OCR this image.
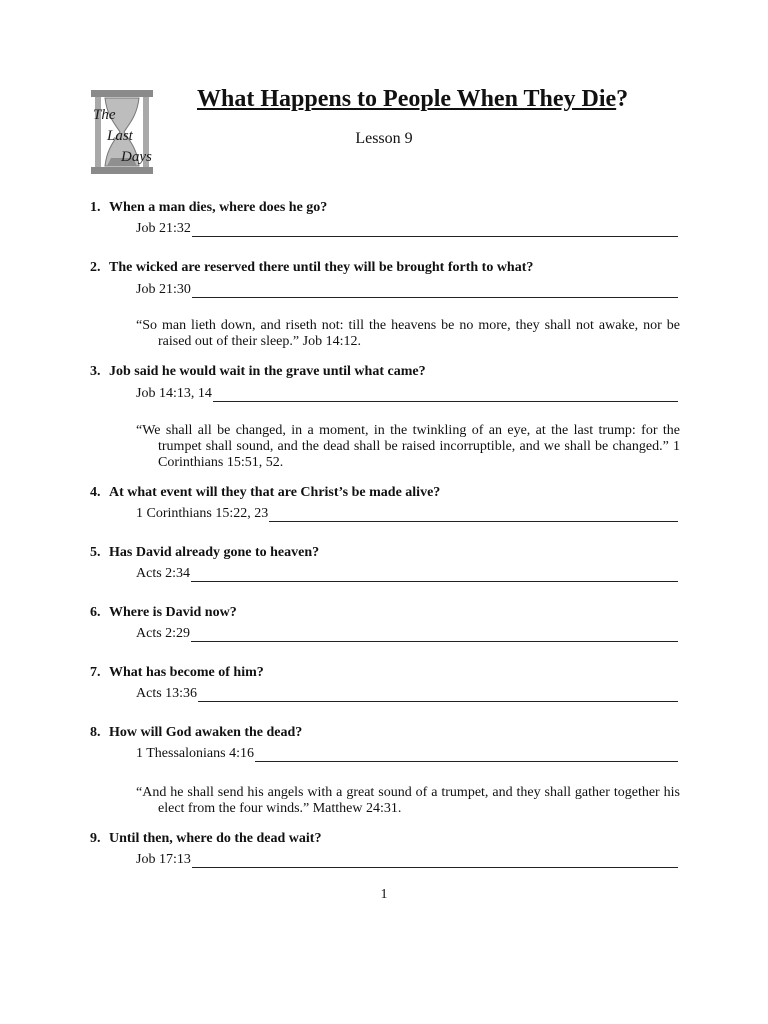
The
Last
Days
What Happens to People When They Die?
Lesson 9
1. When a man dies, where does he go?
Job 21:32
2. The wicked are reserved there until they will be brought forth to what?
Job 21:30
“So man lieth down, and riseth not: till the heavens be no more, they shall not awake, nor be raised out of their sleep.” Job 14:12.
3. Job said he would wait in the grave until what came?
Job 14:13, 14
“We shall all be changed, in a moment, in the twinkling of an eye, at the last trump: for the trumpet shall sound, and the dead shall be raised incorruptible, and we shall be changed.” 1 Corinthians 15:51, 52.
4. At what event will they that are Christ’s be made alive?
1 Corinthians 15:22, 23
5. Has David already gone to heaven?
Acts 2:34
6. Where is David now?
Acts 2:29
7. What has become of him?
Acts 13:36
8. How will God awaken the dead?
1 Thessalonians 4:16
“And he shall send his angels with a great sound of a trumpet, and they shall gather together his elect from the four winds.” Matthew 24:31.
9. Until then, where do the dead wait?
Job 17:13
1
